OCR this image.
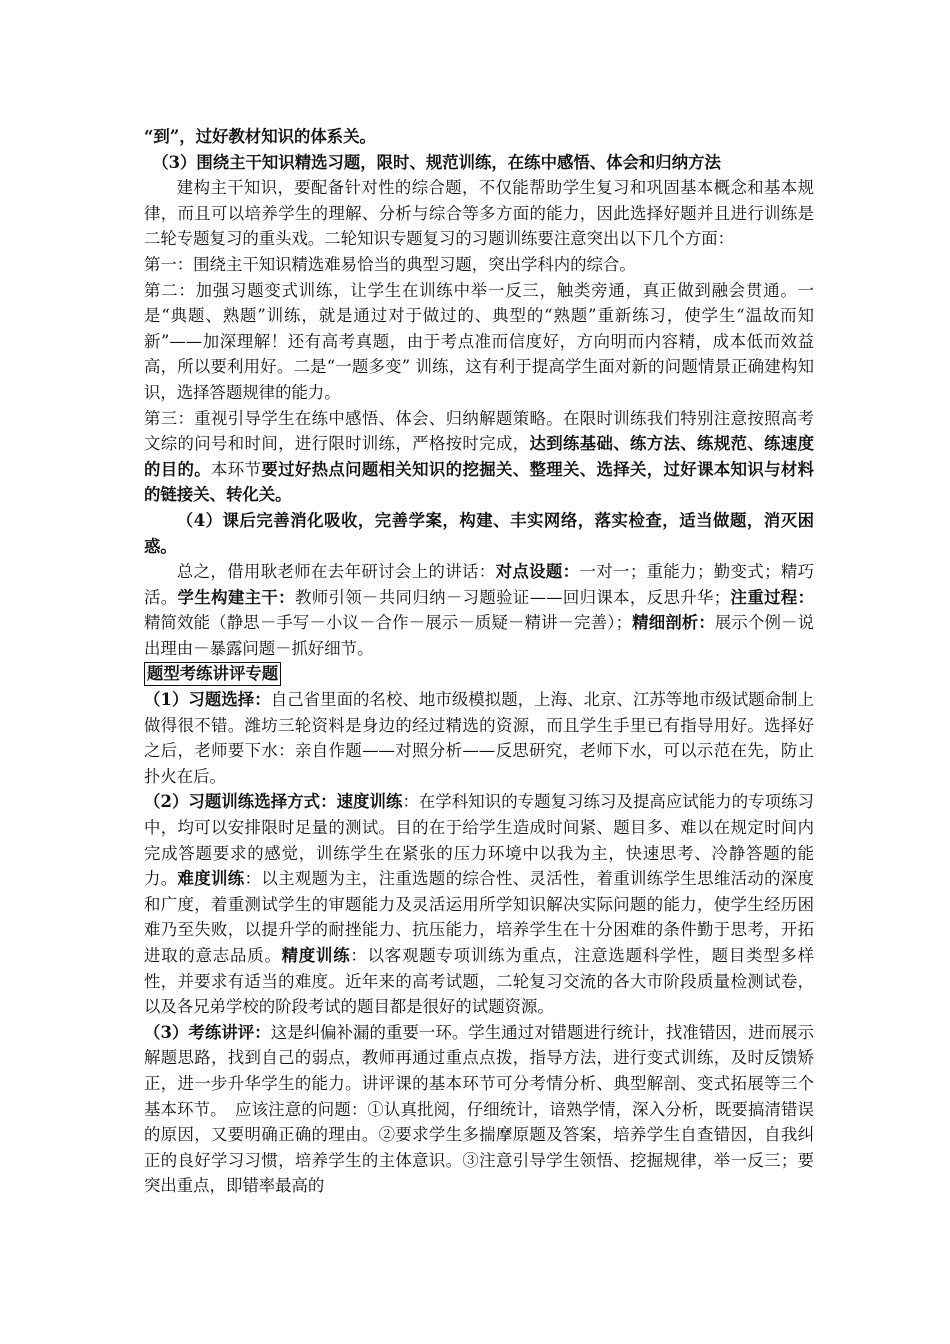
“到”，过好教材知识的体系关。

（3）围绕主干知识精选习题，限时、规范训练，在练中感悟、体会和归纳方法

建构主干知识，要配备针对性的综合题，不仅能帮助学生复习和巩固基本概念和基本规律，而且可以培养学生的理解、分析与综合等多方面的能力，因此选择好题并且进行训练是二轮专题复习的重头戏。二轮知识专题复习的习题训练要注意突出以下几个方面：

第一：围绕主干知识精选难易恰当的典型习题，突出学科内的综合。

第二：加强习题变式训练，让学生在训练中举一反三，触类旁通，真正做到融会贯通。一是“典题、熟题”训练，就是通过对于做过的、典型的“熟题”重新练习，使学生“温故而知新”——加深理解！还有高考真题，由于考点准而信度好，方向明而内容精，成本低而效益高，所以要利用好。二是“一题多变” 训练，这有利于提高学生面对新的问题情景正确建构知识，选择答题规律的能力。

第三：重视引导学生在练中感悟、体会、归纳解题策略。在限时训练我们特别注意按照高考文综的问号和时间，进行限时训练，严格按时完成，达到练基础、练方法、练规范、练速度的目的。本环节要过好热点问题相关知识的挖掘关、整理关、选择关，过好课本知识与材料的链接关、转化关。

（4）课后完善消化吸收，完善学案，构建、丰实网络，落实检查，适当做题，消灭困惑。

总之，借用耿老师在去年研讨会上的讲话：对点设题：一对一；重能力；勤变式；精巧活。学生构建主干：教师引领－共同归纳－习题验证——回归课本，反思升华；注重过程：精简效能（静思－手写－小议－合作－展示－质疑－精讲－完善）；精细剖析：展示个例－说出理由－暴露问题－抓好细节。

题型考练讲评专题

（1）习题选择：自己省里面的名校、地市级模拟题，上海、北京、江苏等地市级试题命制上做得很不错。潍坊三轮资料是身边的经过精选的资源，而且学生手里已有指导用好。选择好之后，老师要下水：亲自作题——对照分析——反思研究，老师下水，可以示范在先，防止扑火在后。

（2）习题训练选择方式：速度训练：在学科知识的专题复习练习及提高应试能力的专项练习中，均可以安排限时足量的测试。目的在于给学生造成时间紧、题目多、难以在规定时间内完成答题要求的感觉，训练学生在紧张的压力环境中以我为主，快速思考、冷静答题的能力。难度训练：以主观题为主，注重选题的综合性、灵活性，着重训练学生思维活动的深度和广度，着重测试学生的审题能力及灵活运用所学知识解决实际问题的能力，使学生经历困难乃至失败，以提升学的耐挫能力、抗压能力，培养学生在十分困难的条件勤于思考，开拓进取的意志品质。精度训练：以客观题专项训练为重点，注意选题科学性，题目类型多样性，并要求有适当的难度。近年来的高考试题，二轮复习交流的各大市阶段质量检测试卷，以及各兄弟学校的阶段考试的题目都是很好的试题资源。

（3）考练讲评：这是纠偏补漏的重要一环。学生通过对错题进行统计，找准错因，进而展示解题思路，找到自己的弱点，教师再通过重点点拨，指导方法，进行变式训练，及时反馈矫正，进一步升华学生的能力。讲评课的基本环节可分考情分析、典型解剖、变式拓展等三个基本环节。　应该注意的问题：①认真批阅，仔细统计，谙熟学情，深入分析，既要搞清错误的原因，又要明确正确的理由。②要求学生多揣摩原题及答案，培养学生自查错因，自我纠正的良好学习习惯，培养学生的主体意识。③注意引导学生领悟、挖掘规律，举一反三；要突出重点，即错率最高的
